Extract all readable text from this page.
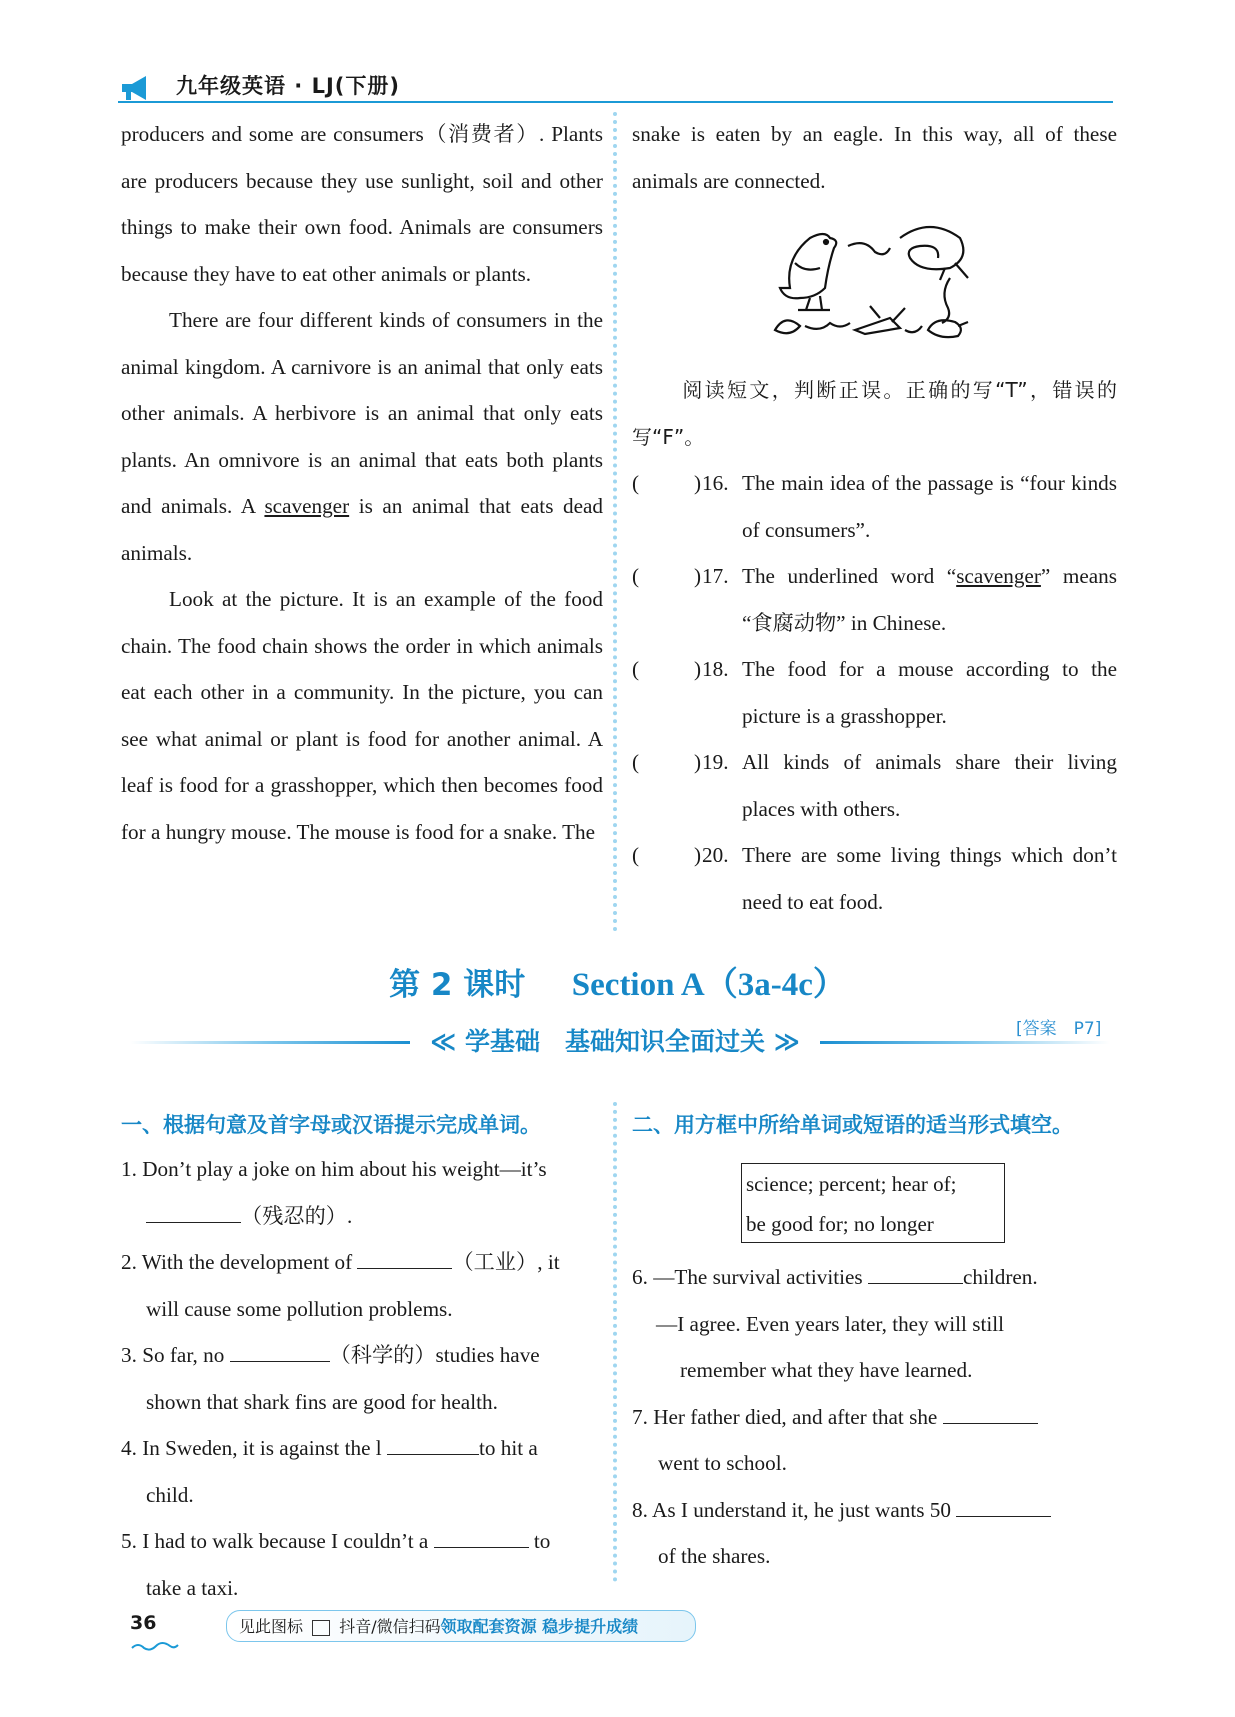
九年级英语 · LJ(下册)

producers and some are consumers（消费者）. Plants are producers because they use sunlight, soil and other things to make their own food. Animals are consumers because they have to eat other animals or plants.

There are four different kinds of consumers in the animal kingdom. A carnivore is an animal that only eats other animals. A herbivore is an animal that only eats plants. An omnivore is an animal that eats both plants and animals. A scavenger is an animal that eats dead animals.

Look at the picture. It is an example of the food chain. The food chain shows the order in which animals eat each other in a community. In the picture, you can see what animal or plant is food for another animal. A leaf is food for a grasshopper, which then becomes food for a hungry mouse. The mouse is food for a snake. The

snake is eaten by an eagle. In this way, all of these animals are connected.
阅读短文，判断正误。正确的写“T”，错误的写“F”。
(	) 16. The main idea of the passage is “four kinds of consumers”.
(	) 17. The underlined word “scavenger” means “食腐动物” in Chinese.
(	) 18. The food for a mouse according to the picture is a grasshopper.
(	) 19. All kinds of animals share their living places with others.
(	) 20. There are some living things which don’t need to eat food.
第 2 课时 Section A（3a-4c）
[答案　P7]
≪ 学基础　基础知识全面过关 ≫
一、根据句意及首字母或汉语提示完成单词。
1. Don’t play a joke on him about his weight—it’s
（残忍的）.
2. With the development of	（工业）, it
will cause some pollution problems.
3. So far, no	（科学的）studies have
shown that shark fins are good for health.
4. In Sweden, it is against the l	to hit a
child.
5. I had to walk because I couldn’t a	to
take a taxi.
二、用方框中所给单词或短语的适当形式填空。
science; percent; hear of;
be good for; no longer
6. —The survival activities	children.
—I agree. Even years later, they will still
remember what they have learned.
7. Her father died, and after that she
went to school.
8. As I understand it, he just wants 50
of the shares.
36	见此图标 抖音/微信扫码领取配套资源 稳步提升成绩
